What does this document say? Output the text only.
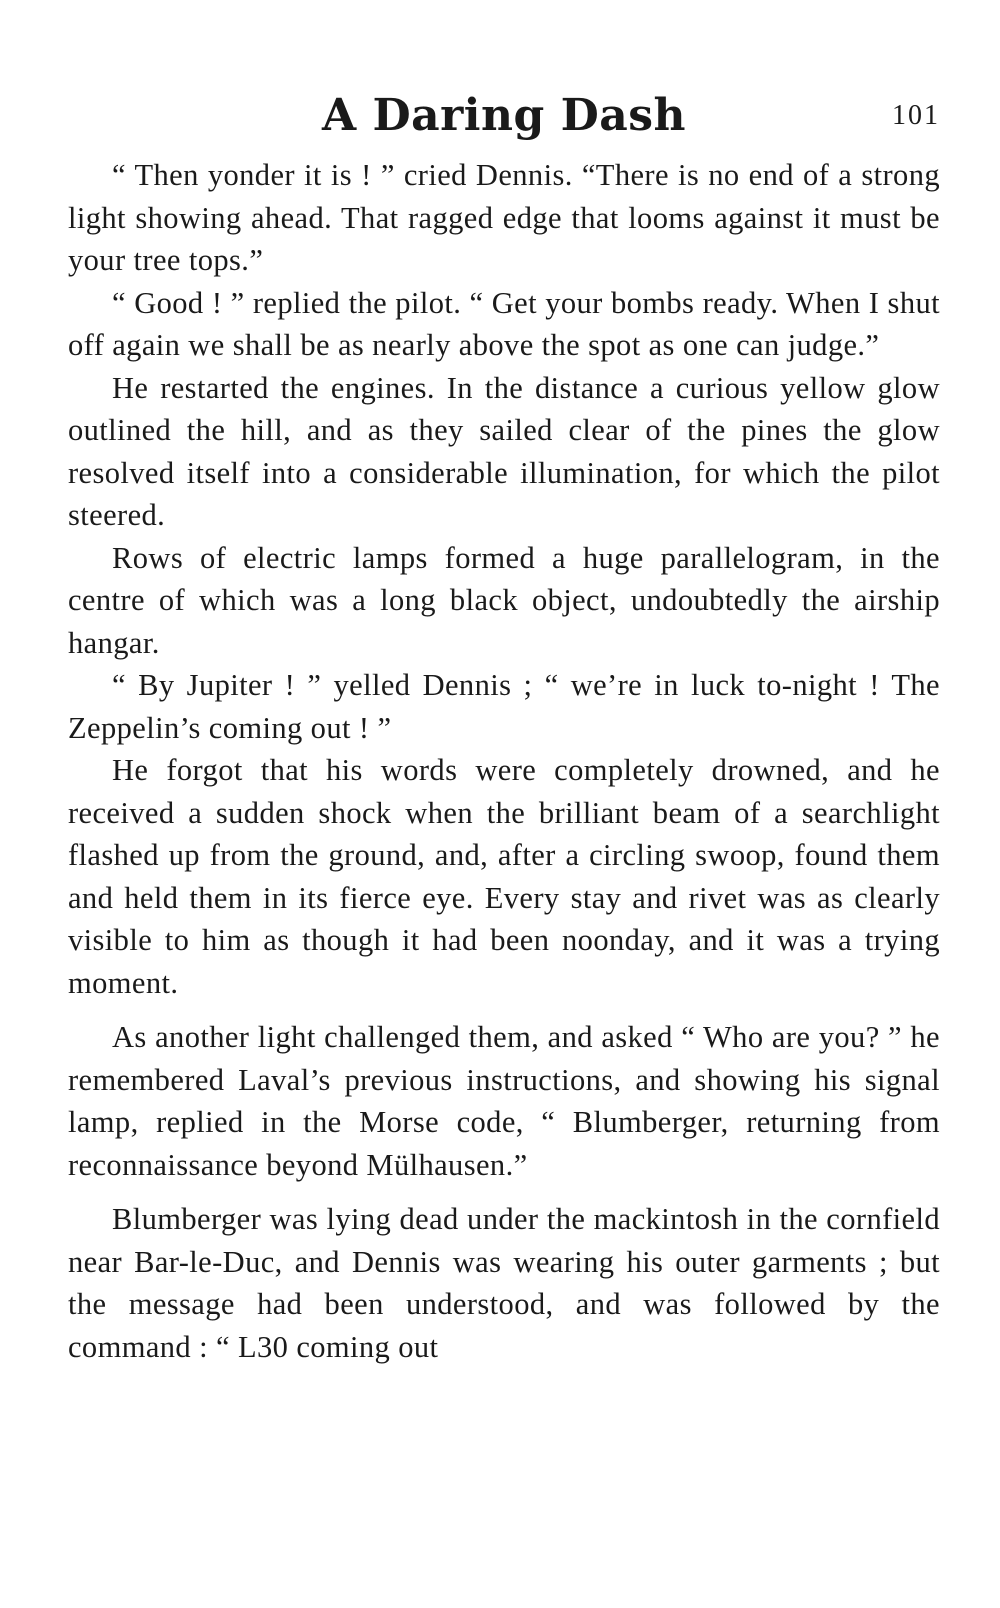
A Daring Dash	101

“ Then yonder it is ! ” cried Dennis. “There is no end of a strong light showing ahead. That ragged edge that looms against it must be your tree tops.”

“ Good ! ” replied the pilot. “ Get your bombs ready. When I shut off again we shall be as nearly above the spot as one can judge.”

He restarted the engines. In the distance a curious yellow glow outlined the hill, and as they sailed clear of the pines the glow resolved itself into a considerable illumination, for which the pilot steered.

Rows of electric lamps formed a huge parallelogram, in the centre of which was a long black object, undoubtedly the airship hangar.

“ By Jupiter ! ” yelled Dennis ; “ we’re in luck to-night ! The Zeppelin’s coming out ! ”

He forgot that his words were completely drowned, and he received a sudden shock when the brilliant beam of a searchlight flashed up from the ground, and, after a circling swoop, found them and held them in its fierce eye. Every stay and rivet was as clearly visible to him as though it had been noonday, and it was a trying moment.

As another light challenged them, and asked “ Who are you? ” he remembered Laval’s previous instructions, and showing his signal lamp, replied in the Morse code, “ Blumberger, returning from reconnaissance beyond Mülhausen.”

Blumberger was lying dead under the mackintosh in the cornfield near Bar-le-Duc, and Dennis was wearing his outer garments ; but the message had been understood, and was followed by the command : “ L30 coming out
